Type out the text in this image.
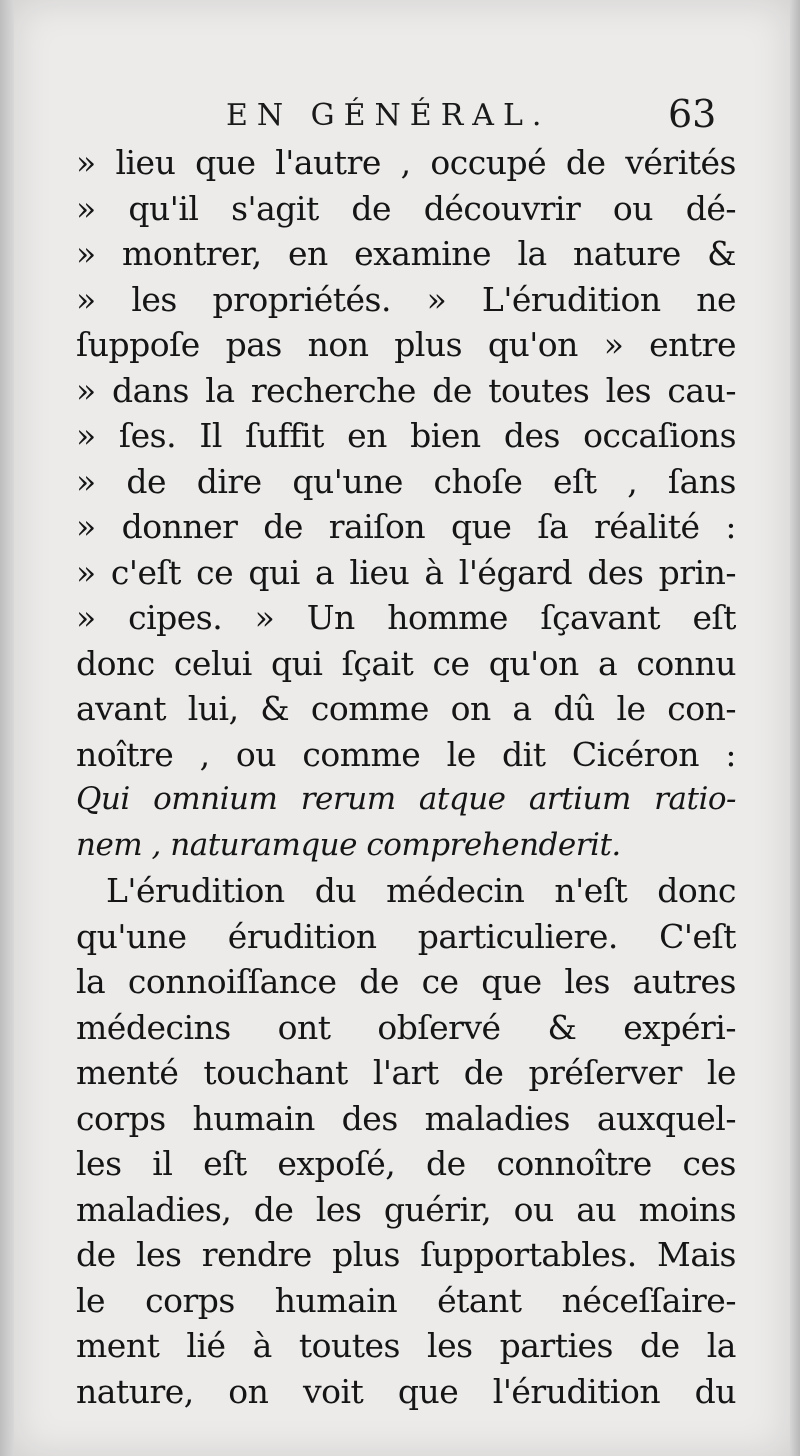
EN GÉNÉRAL.	63
» lieu que l'autre , occupé de vérités
» qu'il s'agit de découvrir ou dé-
» montrer, en examine la nature &
» les propriétés. » L'érudition ne
ſuppoſe pas non plus qu'on » entre
» dans la recherche de toutes les cau-
» ſes. Il ſuffit en bien des occaſions
» de dire qu'une choſe eſt , ſans
» donner de raiſon que ſa réalité :
» c'eſt ce qui a lieu à l'égard des prin-
» cipes. » Un homme ſçavant eſt
donc celui qui ſçait ce qu'on a connu
avant lui, & comme on a dû le con-
noître , ou comme le dit Cicéron :
Qui omnium rerum atque artium ratio-
nem , naturamque comprehenderit.
L'érudition du médecin n'eſt donc
qu'une érudition particuliere. C'eſt
la connoiſſance de ce que les autres
médecins ont obſervé & expéri-
menté touchant l'art de préſerver le
corps humain des maladies auxquel-
les il eſt expoſé, de connoître ces
maladies, de les guérir, ou au moins
de les rendre plus ſupportables. Mais
le corps humain étant néceſſaire-
ment lié à toutes les parties de la
nature, on voit que l'érudition du
